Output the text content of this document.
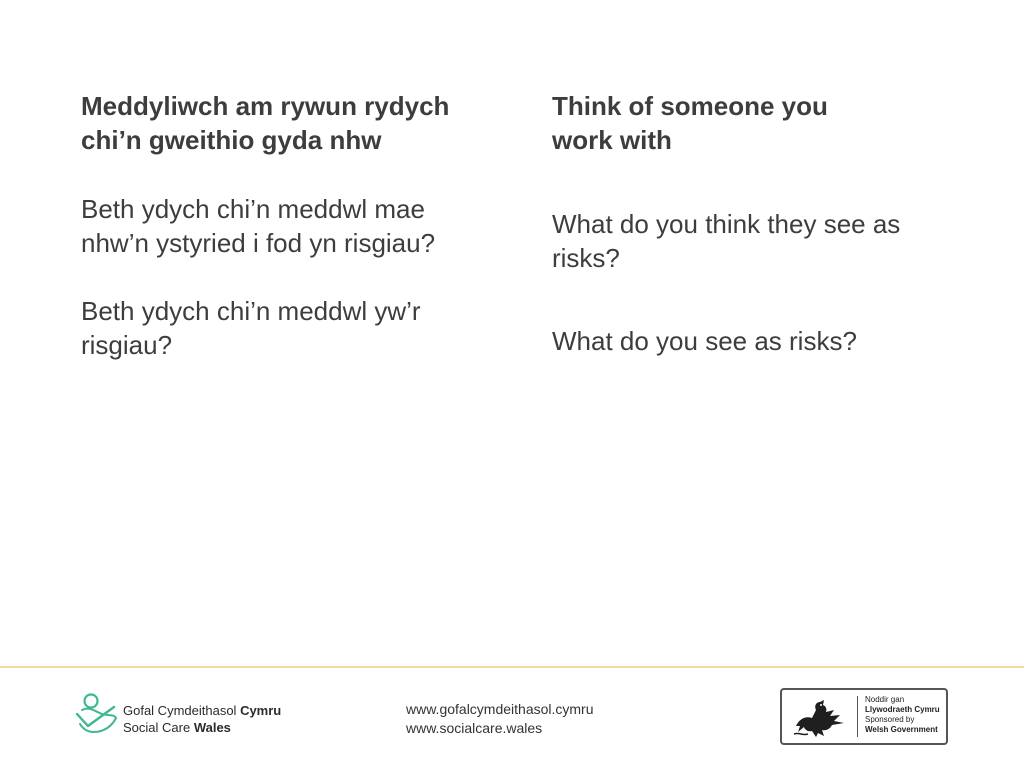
Meddyliwch am rywun rydych chi’n gweithio gyda nhw

Beth ydych chi’n meddwl mae nhw’n ystyried i fod yn risgiau?

Beth ydych chi’n meddwl yw’r risgiau?

Think of someone you work with

What do you think they see as risks?

What do you see as risks?

Gofal Cymdeithasol Cymru
Social Care Wales
www.gofalcymdeithasol.cymru
www.socialcare.wales
Noddir gan
Llywodraeth Cymru
Sponsored by
Welsh Government
